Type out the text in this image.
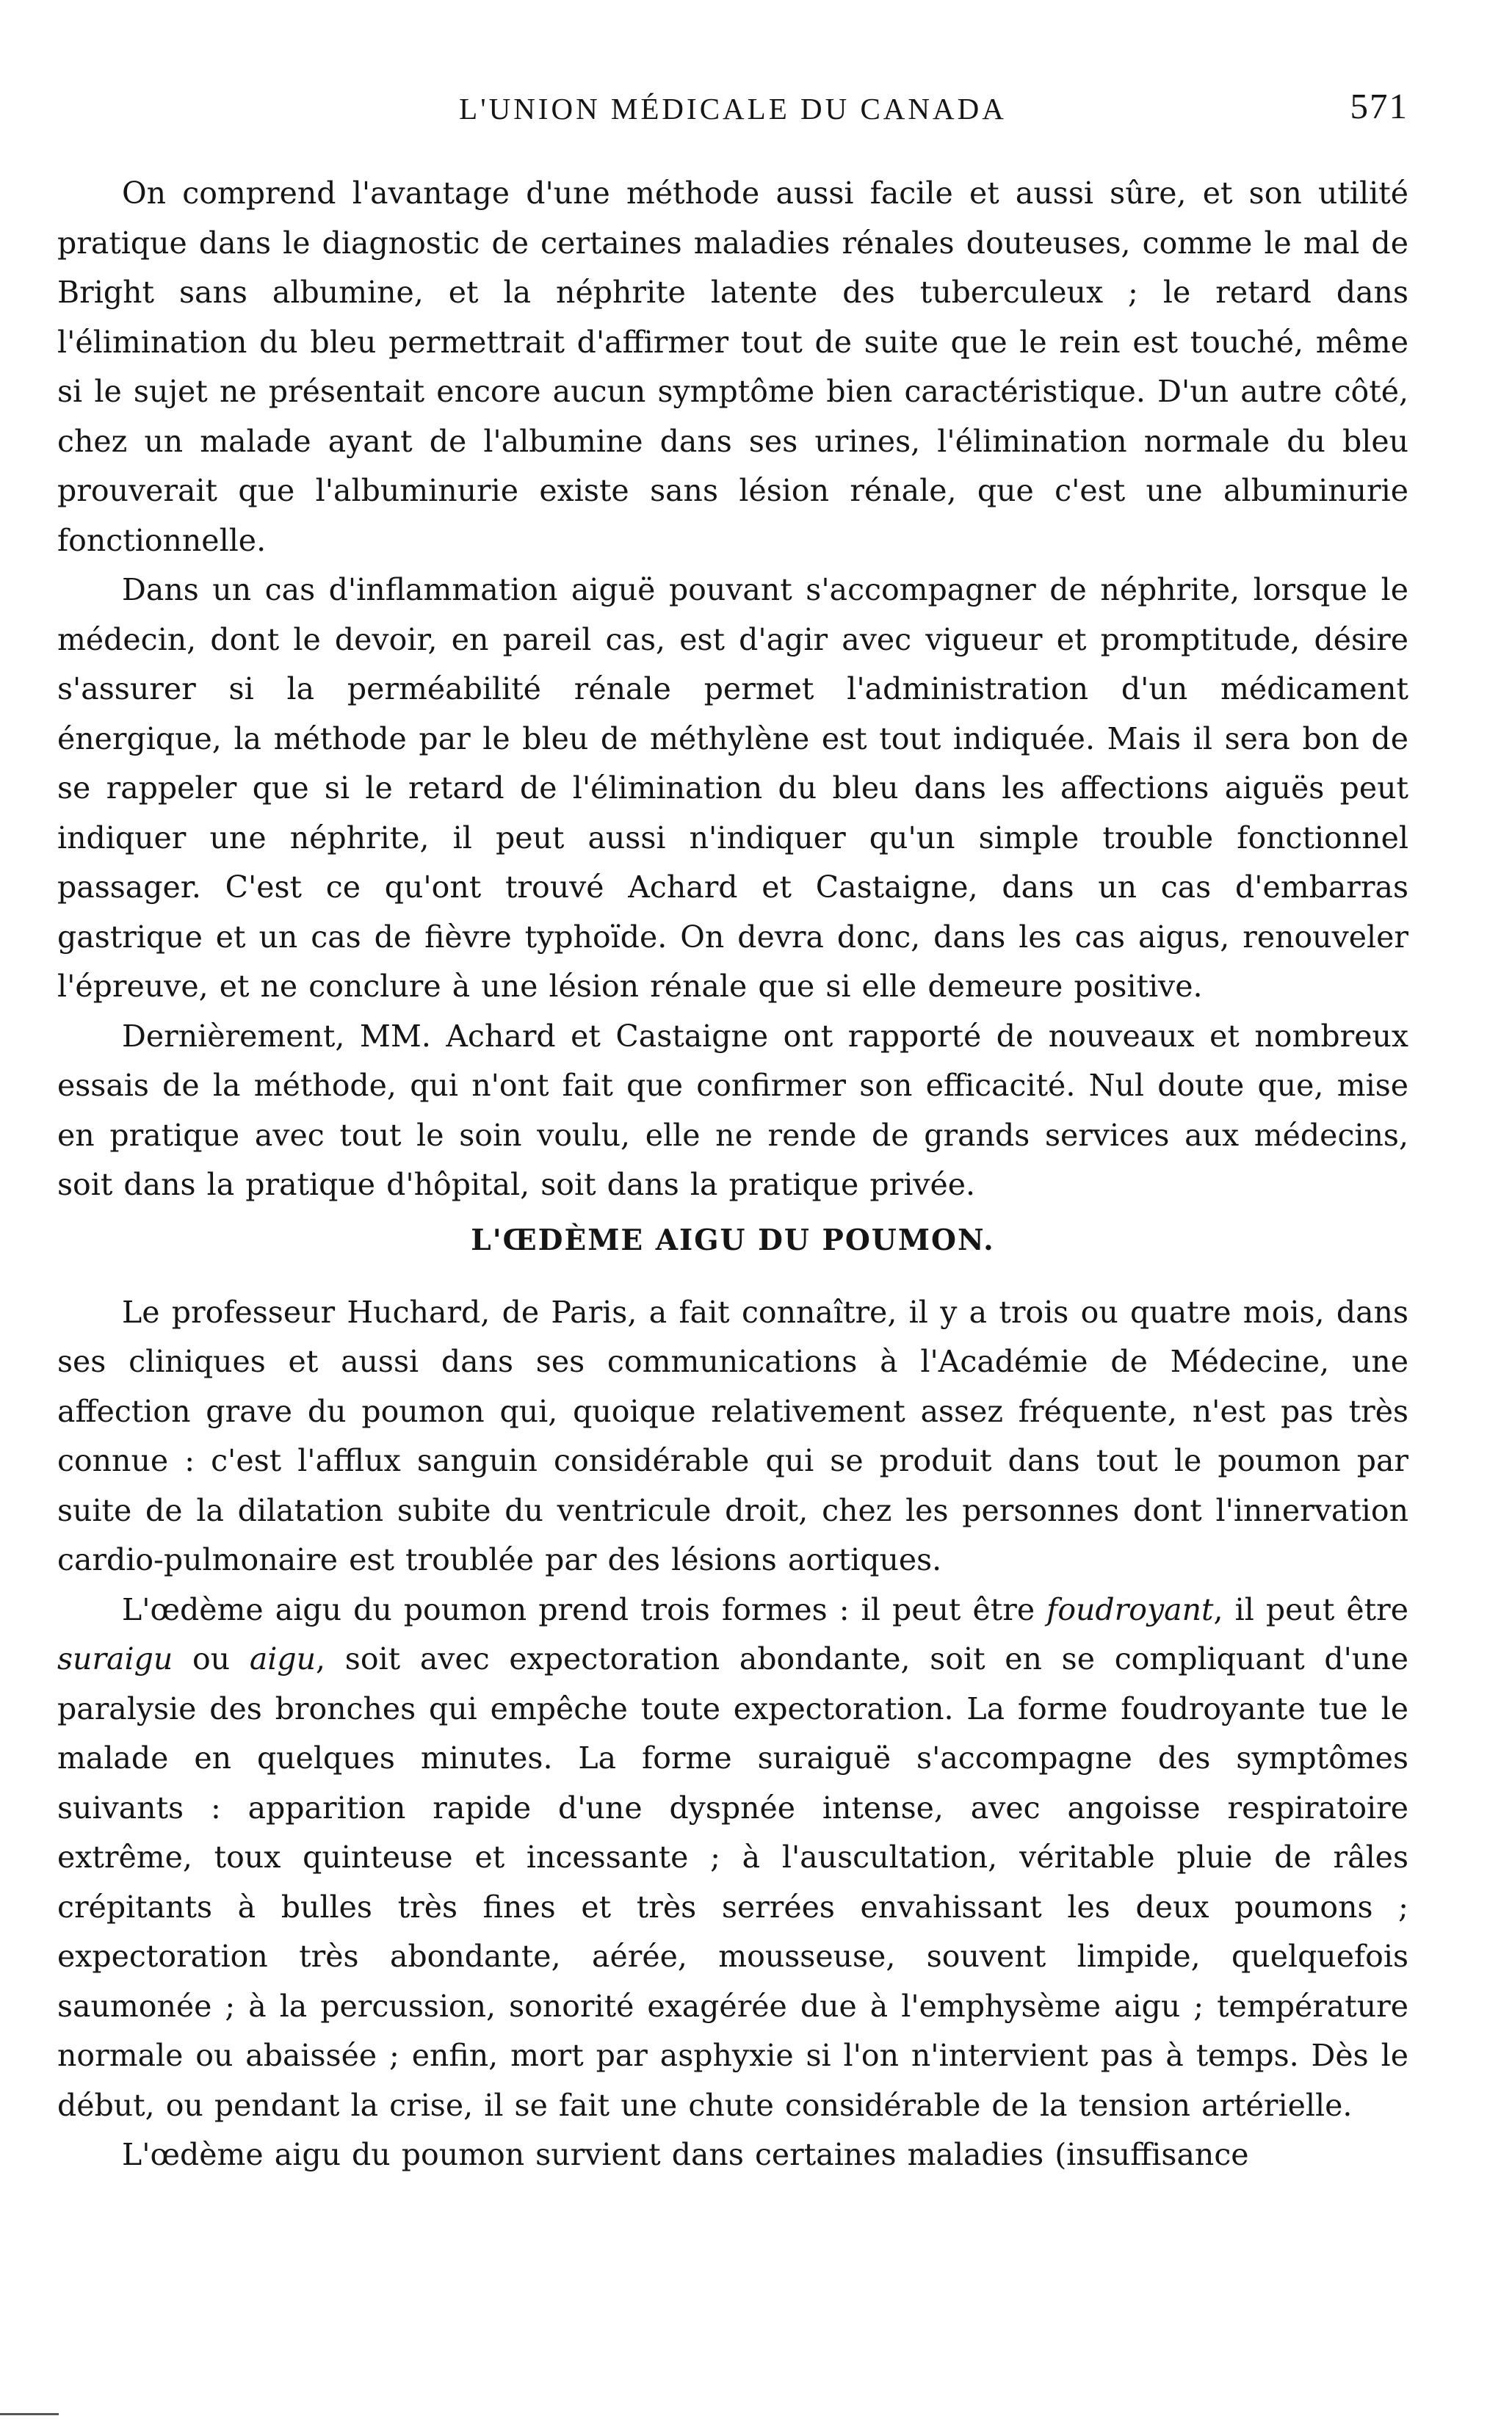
L'UNION MÉDICALE DU CANADA	571

On comprend l'avantage d'une méthode aussi facile et aussi sûre, et son utilité pratique dans le diagnostic de certaines maladies rénales douteuses, comme le mal de Bright sans albumine, et la néphrite latente des tuberculeux ; le retard dans l'élimination du bleu permettrait d'affirmer tout de suite que le rein est touché, même si le sujet ne présentait encore aucun symptôme bien caractéristique. D'un autre côté, chez un malade ayant de l'albumine dans ses urines, l'élimination normale du bleu prouverait que l'albuminurie existe sans lésion rénale, que c'est une albuminurie fonctionnelle.

Dans un cas d'inflammation aiguë pouvant s'accompagner de néphrite, lorsque le médecin, dont le devoir, en pareil cas, est d'agir avec vigueur et promptitude, désire s'assurer si la perméabilité rénale permet l'administration d'un médicament énergique, la méthode par le bleu de méthylène est tout indiquée. Mais il sera bon de se rappeler que si le retard de l'élimination du bleu dans les affections aiguës peut indiquer une néphrite, il peut aussi n'indiquer qu'un simple trouble fonctionnel passager. C'est ce qu'ont trouvé Achard et Castaigne, dans un cas d'embarras gastrique et un cas de fièvre typhoïde. On devra donc, dans les cas aigus, renouveler l'épreuve, et ne conclure à une lésion rénale que si elle demeure positive.

Dernièrement, MM. Achard et Castaigne ont rapporté de nouveaux et nombreux essais de la méthode, qui n'ont fait que confirmer son efficacité. Nul doute que, mise en pratique avec tout le soin voulu, elle ne rende de grands services aux médecins, soit dans la pratique d'hôpital, soit dans la pratique privée.

L'ŒDÈME AIGU DU POUMON.

Le professeur Huchard, de Paris, a fait connaître, il y a trois ou quatre mois, dans ses cliniques et aussi dans ses communications à l'Académie de Médecine, une affection grave du poumon qui, quoique relativement assez fréquente, n'est pas très connue : c'est l'afflux sanguin considérable qui se produit dans tout le poumon par suite de la dilatation subite du ventricule droit, chez les personnes dont l'innervation cardio-pulmonaire est troublée par des lésions aortiques.

L'œdème aigu du poumon prend trois formes : il peut être foudroyant, il peut être suraigu ou aigu, soit avec expectoration abondante, soit en se compliquant d'une paralysie des bronches qui empêche toute expectoration. La forme foudroyante tue le malade en quelques minutes. La forme suraiguë s'accompagne des symptômes suivants : apparition rapide d'une dyspnée intense, avec angoisse respiratoire extrême, toux quinteuse et incessante ; à l'auscultation, véritable pluie de râles crépitants à bulles très fines et très serrées envahissant les deux poumons ; expectoration très abondante, aérée, mousseuse, souvent limpide, quelquefois saumonée ; à la percussion, sonorité exagérée due à l'emphysème aigu ; température normale ou abaissée ; enfin, mort par asphyxie si l'on n'intervient pas à temps. Dès le début, ou pendant la crise, il se fait une chute considérable de la tension artérielle.

L'œdème aigu du poumon survient dans certaines maladies (insuffisance
